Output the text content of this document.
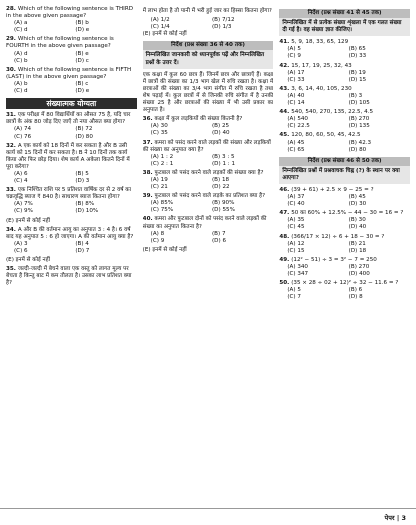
28. Which of the following sentence is THIRD in the above given passage?
(A) a	(B) b
(C) d	(D) e
29. Which of the following sentence is FOURTH in the above given passage?
(A) d	(B) e
(C) b	(D) c
30. Which of the following sentence is FIFTH (LAST) in the above given passage?
(A) b	(B) c
(C) d	(D) e
संख्यात्मक योग्यता
31. एक परीक्षा में 80 विद्यार्थियों का औसत 75 है, यदि चार छात्रों के अंक 80 जोड़ दिए जाएँ तो नया औसत क्या होगा?
(A) 74	(B) 72
(C) 76	(D) 80
32. A एक कार्य को 18 दिनों में कर सकता है और B उसी कार्य को 15 दिनों में कर सकता है। B ने 10 दिनों तक कार्य किया और फिर छोड़ दिया। शेष कार्य A अकेला कितने दिनों में पूरा करेगा?
(A) 6	(B) 5
(C) 4	(D) 3
33. एक निश्चित राशि पर 5 प्रतिशत वार्षिक दर से 2 वर्ष का चक्रवृद्धि ब्याज ₹ 840 है। साधारण ब्याज कितना होगा?
(A) 7%	(B) 8%
(C) 9%	(D) 10%
(E) इनमें से कोई नहीं
34. A और B की वर्तमान आयु का अनुपात 3 : 4 है। 6 वर्ष बाद यह अनुपात 5 : 6 हो जाएगा। A की वर्तमान आयु क्या है?
(A) 3	(B) 4
(C) 6	(D) 7
(E) इनमें से कोई नहीं
35. जल्दी-जल्दी में बेचने वाला एक वस्तु को लागत मूल्य पर बेचता है किन्तु बाट में कम तौलता है। उसका लाभ प्रतिशत क्या है?
में लाभ होता है तो पानी में भरी हुई जार का हिस्सा कितना होगा?
(A) 1/2	(B) 7/12
(C) 1/4	(D) 1/3
(E) इनमें से कोई नहीं
निर्देश (प्रश्न संख्या 36 से 40 तक)
निम्नलिखित जानकारी को ध्यानपूर्वक पढ़ें और निम्नलिखित प्रश्नों के उत्तर दें।
एक कक्षा में कुल 60 छात्र हैं। जिनमें छात्र और छात्राएँ हैं। कक्षा में छात्रों की संख्या का 1/3 भाग खेल में रुचि रखता है। कक्षा में छात्राओं की संख्या का 3/4 भाग संगीत में रुचि रखता है तथा शेष पढ़ाई में। कुल छात्रों में से जिनकी रुचि संगीत में है उनकी संख्या 25 है और छात्राओं की संख्या में भी उसी प्रकार का अनुपात है।
36. कक्षा में कुल लड़कियों की संख्या कितनी है?
(A) 30	(B) 25
(C) 35	(D) 40
37. कमरा को पसंद करने वाले लड़कों की संख्या और लड़कियों की संख्या का अनुपात क्या है?
(A) 1 : 2	(B) 3 : 5
(C) 2 : 1	(D) 1 : 1
38. फुटबाल को पसंद करने वाले लड़कों की संख्या क्या है?
(A) 19	(B) 18
(C) 21	(D) 22
39. फुटबाल को पसंद करने वाले लड़के का प्रतिशत क्या है?
(A) 85%	(B) 90%
(C) 75%	(D) 55%
40. कमरा और फुटबाल दोनों को पसंद करने वाले लड़कों की संख्या का अनुपात कितना है?
(A) 8	(B) 7
(C) 9	(D) 6
(E) इनमें से कोई नहीं
निर्देश (प्रश्न संख्या 41 से 45 तक)
निम्नलिखित में से प्रत्येक संख्या शृंखला में एक गलत संख्या दी गई है। वह संख्या ज्ञात कीजिए।
41. 5, 9, 18, 33, 65, 129
(A) 5	(B) 65
(C) 9	(D) 33
42. 15, 17, 19, 25, 32, 43
(A) 17	(B) 19
(C) 33	(D) 15
43. 3, 6, 14, 40, 105, 230
(A) 40	(B) 3
(C) 14	(D) 105
44. 540, 540, 270, 135, 22.5, 4.5
(A) 540	(B) 270
(C) 22.5	(D) 135
45. 120, 80, 60, 50, 45, 42.5
(A) 45	(B) 42.3
(C) 65	(D) 80
निर्देश (प्रश्न संख्या 46 से 50 तक)
निम्नलिखित प्रश्नों में प्रश्नवाचक चिह्न (?) के स्थान पर क्या आएगा?
46. (39 + 61) + 2.5 × 9 − 25 = ?
(A) 37	(B) 45
(C) 40	(D) 30
47. 50 का 60% + 12.5% − 44 − 30 = 16 = ?
(A) 35	(B) 30
(C) 45	(D) 40
48. (366/17 × 12) ÷ 6 + 18 − 30 = ?
(A) 12	(B) 21
(C) 15	(D) 18
49. (12² − 51) ÷ 3 = 3² − 7 = 250
(A) 340	(B) 270
(C) 347	(D) 400
50. (35 × 28 ÷ 02 + 12)² ÷ 32 − 11.6 = ?
(A) 5	(B) 6
(C) 7	(D) 8
पेपर | 3
